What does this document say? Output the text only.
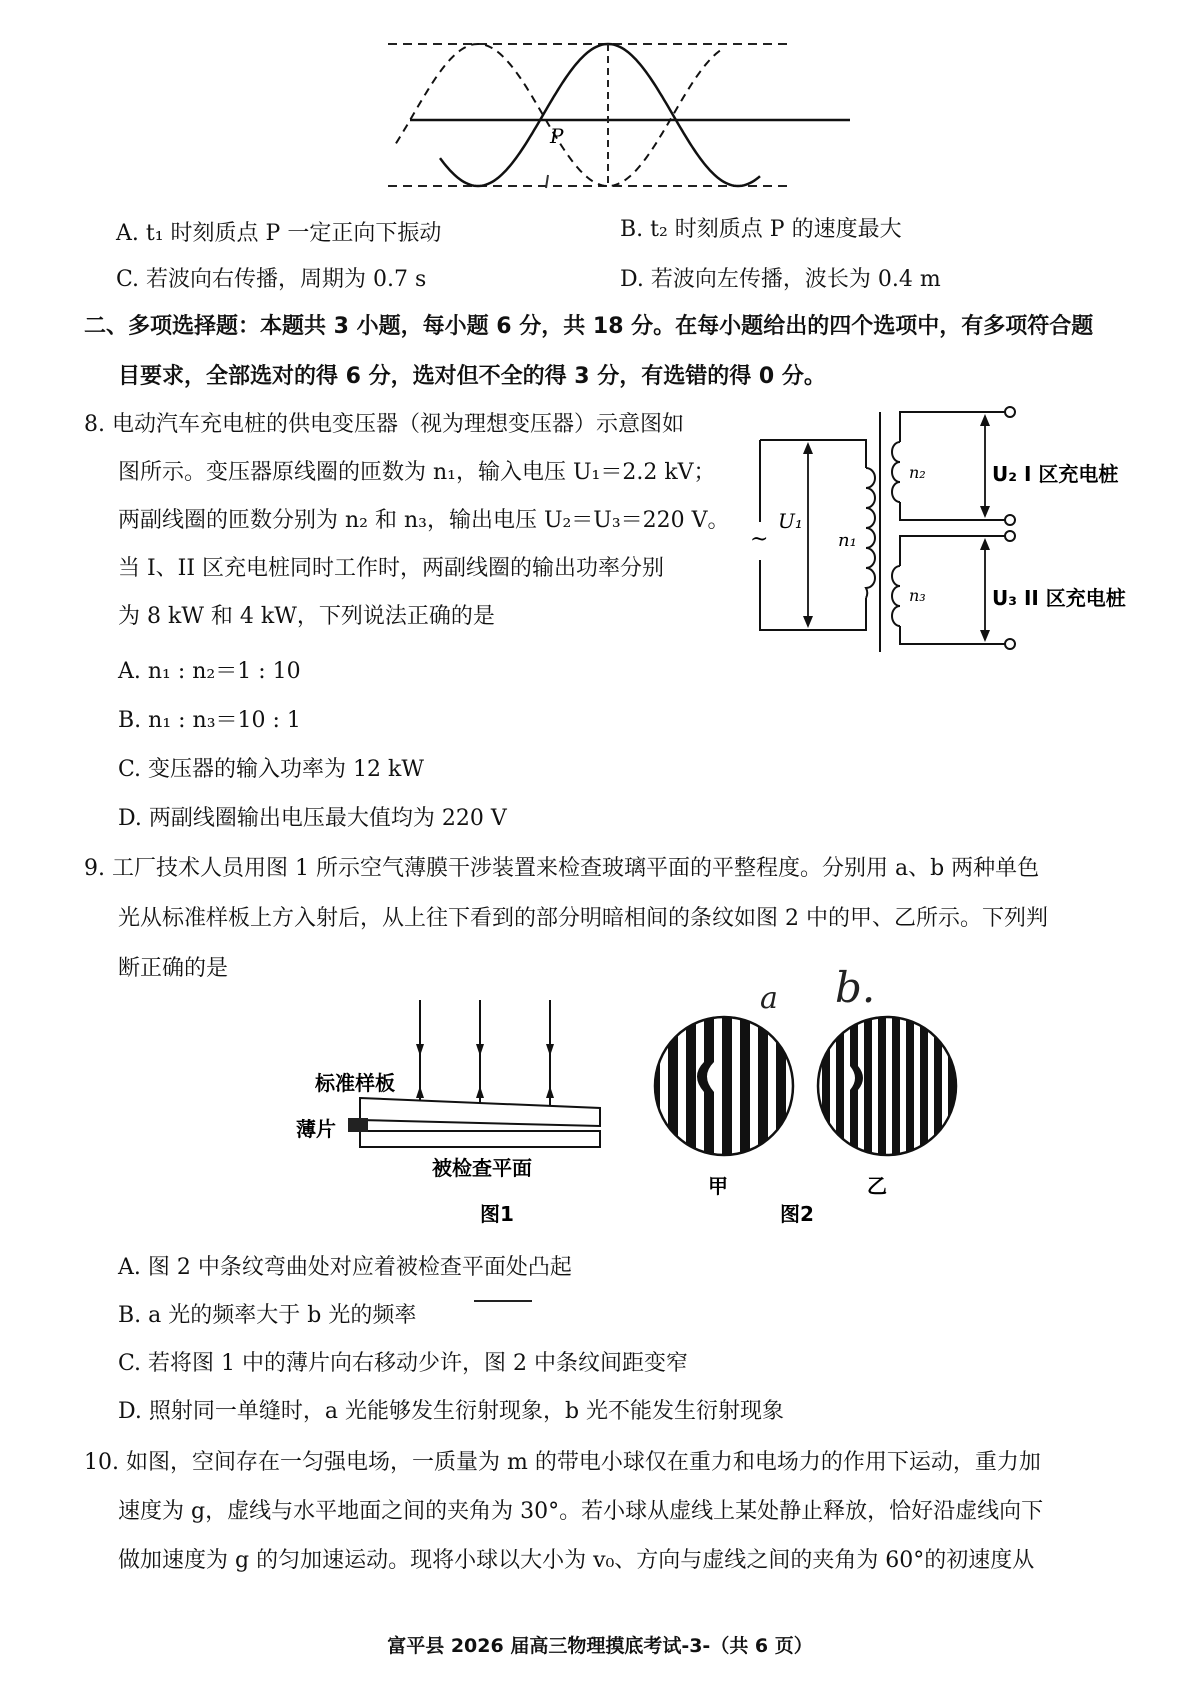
P
A. t₁ 时刻质点 P 一定正向下振动	B. t₂ 时刻质点 P 的速度最大
C. 若波向右传播，周期为 0.7 s	D. 若波向左传播，波长为 0.4 m
二、多项选择题：本题共 3 小题，每小题 6 分，共 18 分。在每小题给出的四个选项中，有多项符合题
目要求，全部选对的得 6 分，选对但不全的得 3 分，有选错的得 0 分。
8. 电动汽车充电桩的供电变压器（视为理想变压器）示意图如
图所示。变压器原线圈的匝数为 n₁，输入电压 U₁＝2.2 kV；
两副线圈的匝数分别为 n₂ 和 n₃，输出电压 U₂＝U₃＝220 V。
当 I、II 区充电桩同时工作时，两副线圈的输出功率分别
为 8 kW 和 4 kW，下列说法正确的是
A. n₁ : n₂＝1 : 10
B. n₁ : n₃＝10 : 1
C. 变压器的输入功率为 12 kW
D. 两副线圈输出电压最大值均为 220 V
~
U₁
n₁
n₂	U₂ I 区充电桩
n₃	U₃ II 区充电桩
9. 工厂技术人员用图 1 所示空气薄膜干涉装置来检查玻璃平面的平整程度。分别用 a、b 两种单色
光从标准样板上方入射后，从上往下看到的部分明暗相间的条纹如图 2 中的甲、乙所示。下列判
断正确的是
标准样板
薄片
被检查平面
图1
a b.
甲	乙
图2
A. 图 2 中条纹弯曲处对应着被检查平面处凸起
B. a 光的频率大于 b 光的频率
C. 若将图 1 中的薄片向右移动少许，图 2 中条纹间距变窄
D. 照射同一单缝时，a 光能够发生衍射现象，b 光不能发生衍射现象
10. 如图，空间存在一匀强电场，一质量为 m 的带电小球仅在重力和电场力的作用下运动，重力加
速度为 g，虚线与水平地面之间的夹角为 30°。若小球从虚线上某处静止释放，恰好沿虚线向下
做加速度为 g 的匀加速运动。现将小球以大小为 v₀、方向与虚线之间的夹角为 60°的初速度从
富平县 2026 届高三物理摸底考试-3-（共 6 页）
